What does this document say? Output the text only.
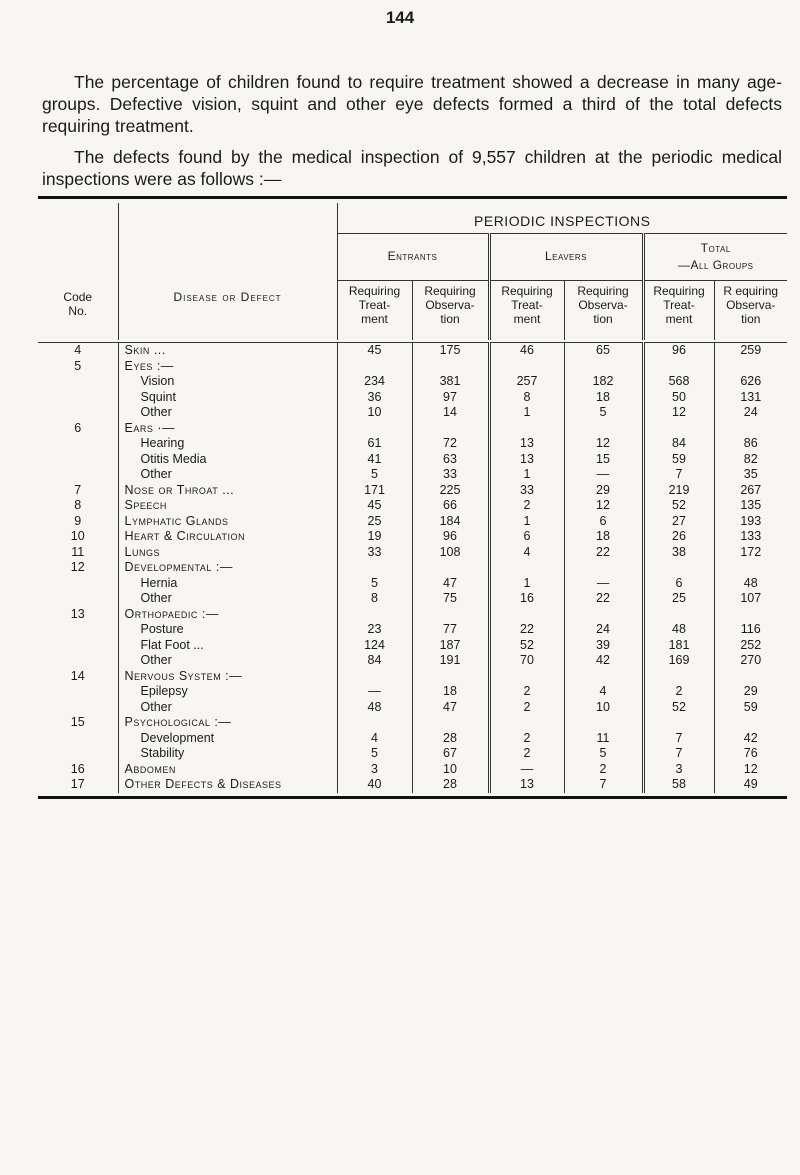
144

The percentage of children found to require treatment showed a decrease in many age-groups. Defective vision, squint and other eye defects formed a third of the total defects requiring treatment.

The defects found by the medical inspection of 9,557 children at the periodic medical inspections were as follows :—

		PERIODIC INSPECTIONS					
		Entrants		Leavers		Total
—All Groups	

Code
No.	Disease or Defect	Requiring
Treat-
ment	Requiring
Observa-
tion	Requiring
Treat-
ment	Requiring
Observa-
tion	Requiring
Treat-
ment	R equiring
Observa-
tion

4	Skin ...	45	175	46	65	96	259
5	Eyes :—						
	Vision	234	381	257	182	568	626
	Squint	36	97	8	18	50	131
	Other	10	14	1	5	12	24
6	Ears ·—						
	Hearing	61	72	13	12	84	86
	Otitis Media	41	63	13	15	59	82
	Other	5	33	1	—	7	35
7	Nose or Throat ...	171	225	33	29	219	267
8	Speech	45	66	2	12	52	135
9	Lymphatic Glands	25	184	1	6	27	193
10	Heart & Circulation	19	96	6	18	26	133
11	Lungs	33	108	4	22	38	172
12	Developmental :—						
	Hernia	5	47	1	—	6	48
	Other	8	75	16	22	25	107
13	Orthopaedic :—						
	Posture	23	77	22	24	48	116
	Flat Foot ...	124	187	52	39	181	252
	Other	84	191	70	42	169	270
14	Nervous System :—						
	Epilepsy	—	18	2	4	2	29
	Other	48	47	2	10	52	59
15	Psychological :—						
	Development	4	28	2	11	7	42
	Stability	5	67	2	5	7	76
16	Abdomen	3	10	—	2	3	12
17	Other Defects & Diseases	40	28	13	7	58	49
